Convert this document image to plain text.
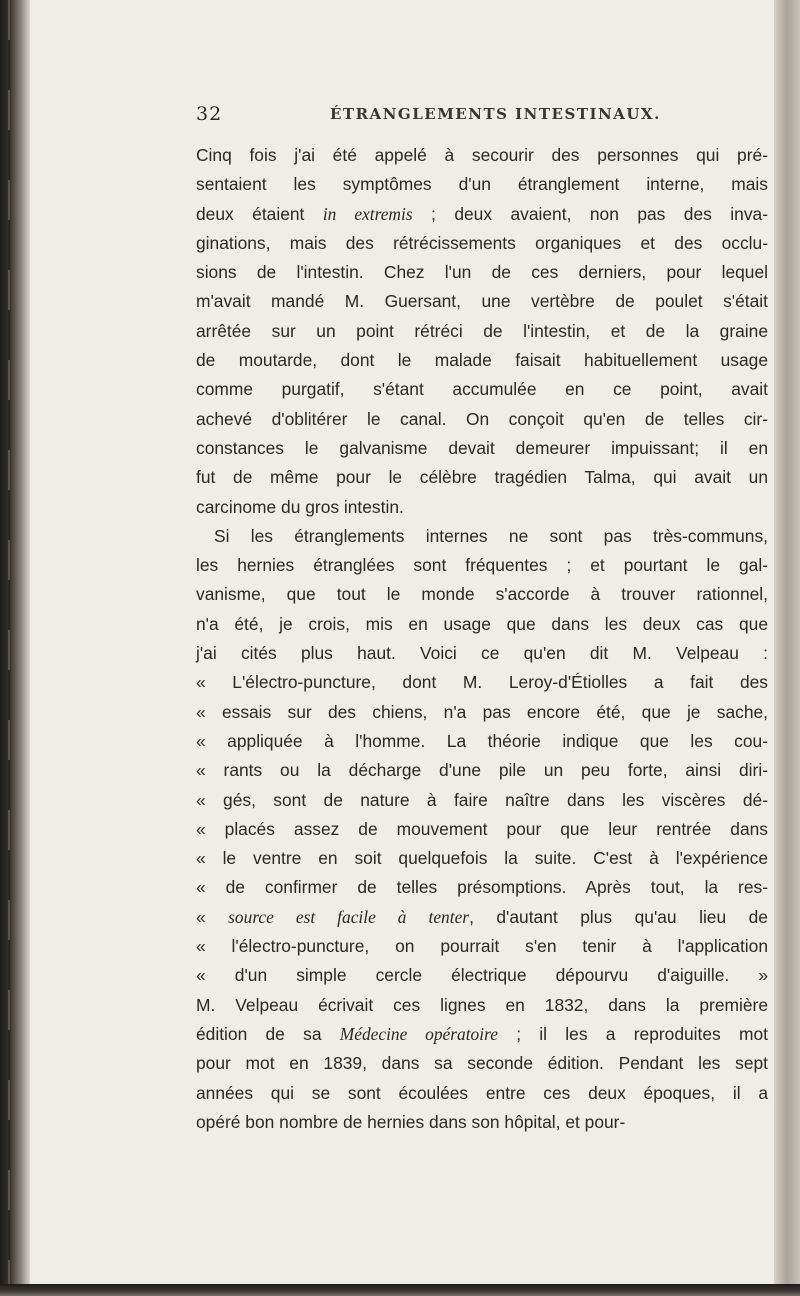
32	ÉTRANGLEMENTS INTESTINAUX.
Cinq fois j'ai été appelé à secourir des personnes qui pré-
sentaient les symptômes d'un étranglement interne, mais
deux étaient in extremis ; deux avaient, non pas des inva-
ginations, mais des rétrécissements organiques et des occlu-
sions de l'intestin. Chez l'un de ces derniers, pour lequel
m'avait mandé M. Guersant, une vertèbre de poulet s'était
arrêtée sur un point rétréci de l'intestin, et de la graine
de moutarde, dont le malade faisait habituellement usage
comme purgatif, s'étant accumulée en ce point, avait
achevé d'oblitérer le canal. On conçoit qu'en de telles cir-
constances le galvanisme devait demeurer impuissant; il en
fut de même pour le célèbre tragédien Talma, qui avait un
carcinome du gros intestin.
Si les étranglements internes ne sont pas très-communs,
les hernies étranglées sont fréquentes ; et pourtant le gal-
vanisme, que tout le monde s'accorde à trouver rationnel,
n'a été, je crois, mis en usage que dans les deux cas que
j'ai cités plus haut. Voici ce qu'en dit M. Velpeau :
« L'électro-puncture, dont M. Leroy-d'Étiolles a fait des
« essais sur des chiens, n'a pas encore été, que je sache,
« appliquée à l'homme. La théorie indique que les cou-
« rants ou la décharge d'une pile un peu forte, ainsi diri-
« gés, sont de nature à faire naître dans les viscères dé-
« placés assez de mouvement pour que leur rentrée dans
« le ventre en soit quelquefois la suite. C'est à l'expérience
« de confirmer de telles présomptions. Après tout, la res-
« source est facile à tenter, d'autant plus qu'au lieu de
« l'électro-puncture, on pourrait s'en tenir à l'application
« d'un simple cercle électrique dépourvu d'aiguille. »
M. Velpeau écrivait ces lignes en 1832, dans la première
édition de sa Médecine opératoire ; il les a reproduites mot
pour mot en 1839, dans sa seconde édition. Pendant les sept
années qui se sont écoulées entre ces deux époques, il a
opéré bon nombre de hernies dans son hôpital, et pour-
